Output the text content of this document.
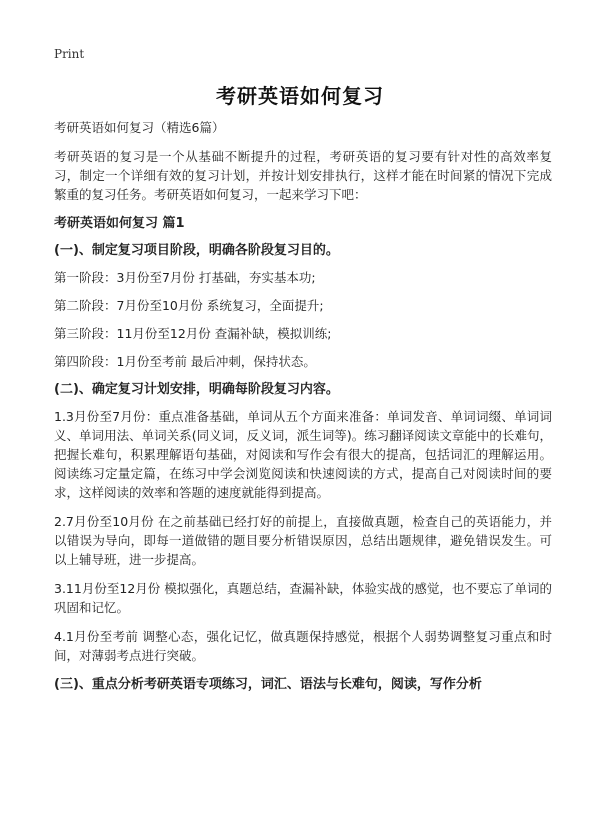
Print
考研英语如何复习

考研英语如何复习（精选6篇）

考研英语的复习是一个从基础不断提升的过程，考研英语的复习要有针对性的高效率复习，制定一个详细有效的复习计划，并按计划安排执行，这样才能在时间紧的情况下完成繁重的复习任务。考研英语如何复习，一起来学习下吧：

考研英语如何复习 篇1

(一)、制定复习项目阶段，明确各阶段复习目的。

第一阶段：3月份至7月份 打基础，夯实基本功;

第二阶段：7月份至10月份 系统复习，全面提升;

第三阶段：11月份至12月份 查漏补缺，模拟训练;

第四阶段：1月份至考前 最后冲刺，保持状态。

(二)、确定复习计划安排，明确每阶段复习内容。

1.3月份至7月份：重点准备基础，单词从五个方面来准备：单词发音、单词词缀、单词词义、单词用法、单词关系(同义词，反义词，派生词等)。练习翻译阅读文章能中的长难句，把握长难句，积累理解语句基础，对阅读和写作会有很大的提高，包括词汇的理解运用。阅读练习定量定篇，在练习中学会浏览阅读和快速阅读的方式，提高自己对阅读时间的要求，这样阅读的效率和答题的速度就能得到提高。

2.7月份至10月份 在之前基础已经打好的前提上，直接做真题，检查自己的英语能力，并以错误为导向，即每一道做错的题目要分析错误原因，总结出题规律，避免错误发生。可以上辅导班，进一步提高。

3.11月份至12月份 模拟强化，真题总结，查漏补缺，体验实战的感觉，也不要忘了单词的巩固和记忆。

4.1月份至考前 调整心态，强化记忆，做真题保持感觉，根据个人弱势调整复习重点和时间，对薄弱考点进行突破。

(三)、重点分析考研英语专项练习，词汇、语法与长难句，阅读，写作分析
